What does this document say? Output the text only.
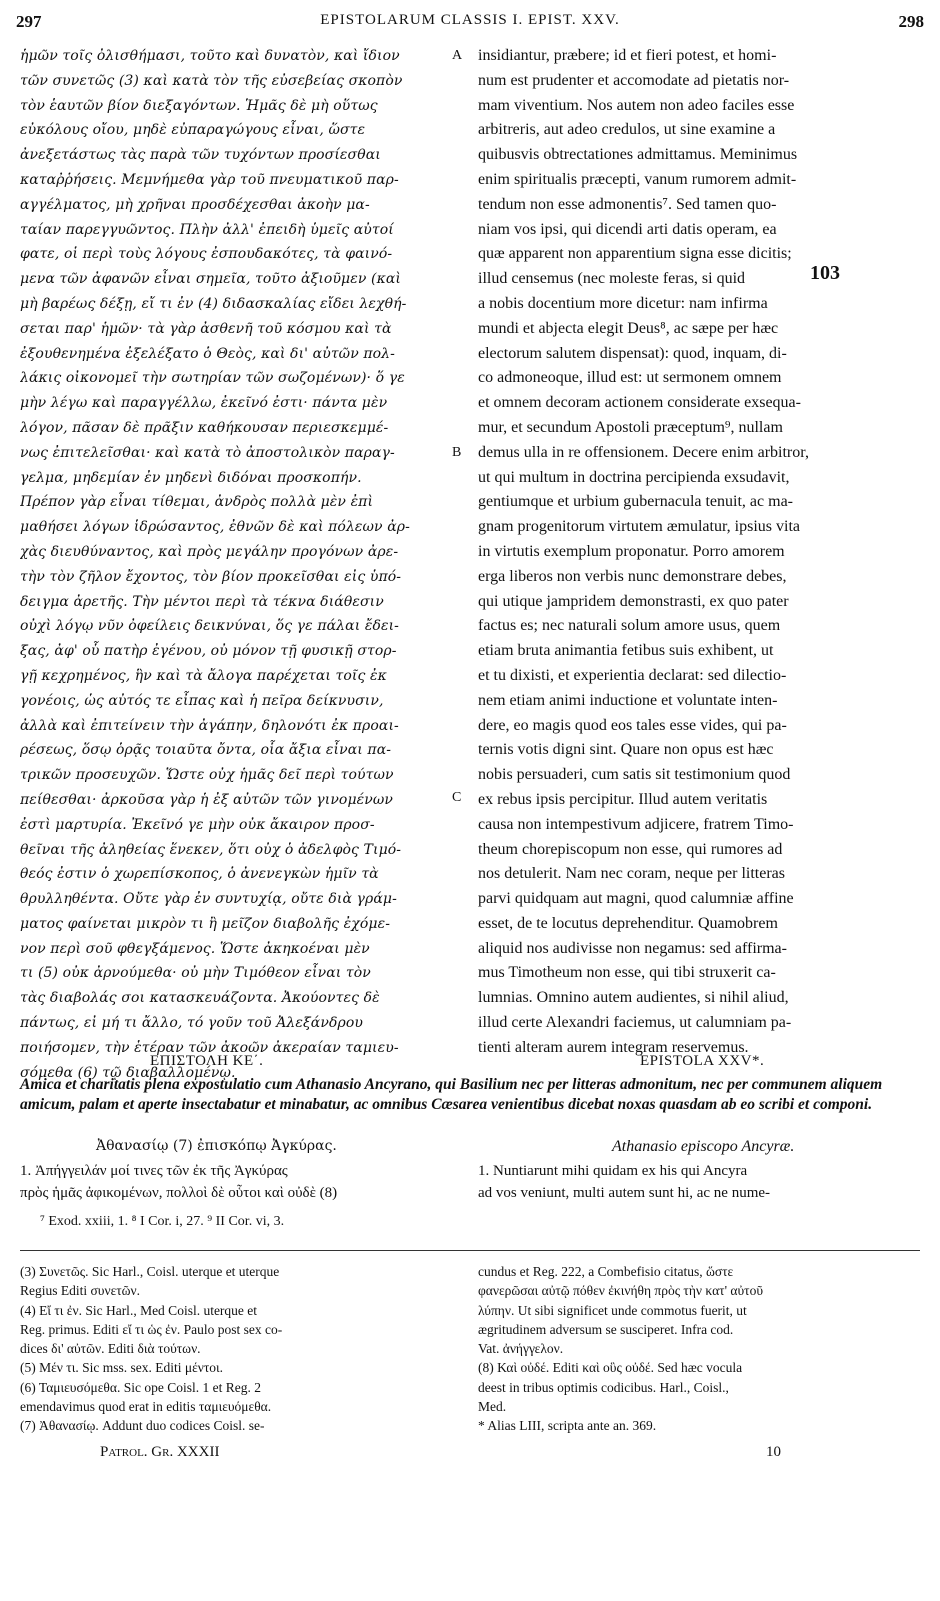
297	EPISTOLARUM CLASSIS I. EPIST. XXV.	298
ἡμῶν τοῖς ὀλισθήμασι, τοῦτο καὶ δυνατὸν, καὶ ἴδιον
τῶν συνετῶς (3) καὶ κατὰ τὸν τῆς εὐσεβείας σκοπὸν
τὸν ἑαυτῶν βίον διεξαγόντων. Ἡμᾶς δὲ μὴ οὕτως
εὐκόλους οἴου, μηδὲ εὐπαραγώγους εἶναι, ὥστε
ἀνεξετάστως τὰς παρὰ τῶν τυχόντων προσίεσθαι
καταῤῥήσεις. Μεμνήμεθα γὰρ τοῦ πνευματικοῦ παρ-
αγγέλματος, μὴ χρῆναι προσδέχεσθαι ἀκοὴν μα-
ταίαν παρεγγυῶντος. Πλὴν ἀλλ' ἐπειδὴ ὑμεῖς αὐτοί
φατε, οἱ περὶ τοὺς λόγους ἐσπουδακότες, τὰ φαινό-
μενα τῶν ἀφανῶν εἶναι σημεῖα, τοῦτο ἀξιοῦμεν (καὶ
μὴ βαρέως δέξῃ, εἴ τι ἐν (4) διδασκαλίας εἴδει λεχθή-
σεται παρ' ἡμῶν· τὰ γὰρ ἀσθενῆ τοῦ κόσμου καὶ τὰ
ἐξουθενημένα ἐξελέξατο ὁ Θεὸς, καὶ δι' αὐτῶν πολ-
λάκις οἰκονομεῖ τὴν σωτηρίαν τῶν σωζομένων)· ὅ γε
μὴν λέγω καὶ παραγγέλλω, ἐκεῖνό ἐστι· πάντα μὲν
λόγον, πᾶσαν δὲ πρᾶξιν καθήκουσαν περιεσκεμμέ-
νως ἐπιτελεῖσθαι· καὶ κατὰ τὸ ἀποστολικὸν παραγ-
γελμα, μηδεμίαν ἐν μηδενὶ διδόναι προσκοπήν.
Πρέπον γὰρ εἶναι τίθεμαι, ἀνδρὸς πολλὰ μὲν ἐπὶ
μαθήσει λόγων ἱδρώσαντος, ἐθνῶν δὲ καὶ πόλεων ἀρ-
χὰς διευθύναντος, καὶ πρὸς μεγάλην προγόνων ἀρε-
τὴν τὸν ζῆλον ἔχοντος, τὸν βίον προκεῖσθαι εἰς ὑπό-
δειγμα ἀρετῆς. Τὴν μέντοι περὶ τὰ τέκνα διάθεσιν
οὐχὶ λόγῳ νῦν ὀφείλεις δεικνύναι, ὅς γε πάλαι ἔδει-
ξας, ἀφ' οὗ πατὴρ ἐγένου, οὐ μόνον τῇ φυσικῇ στορ-
γῇ κεχρημένος, ἣν καὶ τὰ ἄλογα παρέχεται τοῖς ἐκ
γονέοις, ὡς αὐτός τε εἶπας καὶ ἡ πεῖρα δείκνυσιν,
ἀλλὰ καὶ ἐπιτείνειν τὴν ἀγάπην, δηλονότι ἐκ προαι-
ρέσεως, ὅσῳ ὁρᾷς τοιαῦτα ὄντα, οἷα ἄξια εἶναι πα-
τρικῶν προσευχῶν. Ὥστε οὐχ ἡμᾶς δεῖ περὶ τούτων
πείθεσθαι· ἀρκοῦσα γὰρ ἡ ἐξ αὐτῶν τῶν γινομένων
ἐστὶ μαρτυρία. Ἐκεῖνό γε μὴν οὐκ ἄκαιρον προσ-
θεῖναι τῆς ἀληθείας ἕνεκεν, ὅτι οὐχ ὁ ἀδελφὸς Τιμό-
θεός ἐστιν ὁ χωρεπίσκοπος, ὁ ἀνενεγκὼν ἡμῖν τὰ
θρυλληθέντα. Οὔτε γὰρ ἐν συντυχίᾳ, οὔτε διὰ γράμ-
ματος φαίνεται μικρὸν τι ἢ μεῖζον διαβολῆς ἐχόμε-
νον περὶ σοῦ φθεγξάμενος. Ὥστε ἀκηκοέναι μὲν
τι (5) οὐκ ἀρνούμεθα· οὐ μὴν Τιμόθεον εἶναι τὸν
τὰς διαβολάς σοι κατασκευάζοντα. Ἀκούοντες δὲ
πάντως, εἰ μή τι ἄλλο, τό γοῦν τοῦ Ἀλεξάνδρου
ποιήσομεν, τὴν ἑτέραν τῶν ἀκοῶν ἀκεραίαν ταμιευ-
σόμεθα (6) τῷ διαβαλλομένῳ.
insidiantur, præbere; id et fieri potest, et homi-
num est prudenter et accomodate ad pietatis nor-
mam viventium. Nos autem non adeo faciles esse
arbitreris, aut adeo credulos, ut sine examine a
quibusvis obtrectationes admittamus. Meminimus
enim spiritualis præcepti, vanum rumorem admit-
tendum non esse admonentis⁷. Sed tamen quo-
niam vos ipsi, qui dicendi arti datis operam, ea
quæ apparent non apparentium signa esse dicitis;
illud censemus (nec moleste feras, si quid
a nobis docentium more dicetur: nam infirma
mundi et abjecta elegit Deus⁸, ac sæpe per hæc
electorum salutem dispensat): quod, inquam, di-
co admoneoque, illud est: ut sermonem omnem
et omnem decoram actionem considerate exsequa-
mur, et secundum Apostoli præceptum⁹, nullam
demus ulla in re offensionem. Decere enim arbitror,
ut qui multum in doctrina percipienda exsudavit,
gentiumque et urbium gubernacula tenuit, ac ma-
gnam progenitorum virtutem æmulatur, ipsius vita
in virtutis exemplum proponatur. Porro amorem
erga liberos non verbis nunc demonstrare debes,
qui utique jampridem demonstrasti, ex quo pater
factus es; nec naturali solum amore usus, quem
etiam bruta animantia fetibus suis exhibent, ut
et tu dixisti, et experientia declarat: sed dilectio-
nem etiam animi inductione et voluntate inten-
dere, eo magis quod eos tales esse vides, qui pa-
ternis votis digni sint. Quare non opus est hæc
nobis persuaderi, cum satis sit testimonium quod
ex rebus ipsis percipitur. Illud autem veritatis
causa non intempestivum adjicere, fratrem Timo-
theum chorepiscopum non esse, qui rumores ad
nos detulerit. Nam nec coram, neque per litteras
parvi quidquam aut magni, quod calumniæ affine
esset, de te locutus deprehenditur. Quamobrem
aliquid nos audivisse non negamus: sed affirma-
mus Timotheum non esse, qui tibi struxerit ca-
lumnias. Omnino autem audientes, si nihil aliud,
illud certe Alexandri faciemus, ut calumniam pa-
tienti alteram aurem integram reservemus.
A
B
C
103
ΕΠΙΣΤΟΛΗ ΚΕ΄.	EPISTOLA XXV*.
Amica et charitatis plena expostulatio cum Athanasio Ancyrano, qui Basilium nec per litteras admonitum, nec per communem aliquem amicum, palam et aperte insectabatur et minabatur, ac omnibus Cæsarea venientibus dicebat noxas quasdam ab eo scribi et componi.
Ἀθανασίῳ (7) ἐπισκόπῳ Ἀγκύρας.	Athanasio episcopo Ancyræ.
1. Ἀπήγγειλάν μοί τινες τῶν ἐκ τῆς Ἀγκύρας
πρὸς ἡμᾶς ἀφικομένων, πολλοὶ δὲ οὗτοι καὶ οὐδὲ (8)
1. Nuntiarunt mihi quidam ex his qui Ancyra
ad vos veniunt, multi autem sunt hi, ac ne nume-
⁷ Exod. xxiii, 1. ⁸ I Cor. i, 27. ⁹ II Cor. vi, 3.
(3) Συνετῶς. Sic Harl., Coisl. uterque et uterque
Regius Editi συνετῶν.
(4) Εἴ τι ἐν. Sic Harl., Med Coisl. uterque et
Reg. primus. Editi εἴ τι ὡς ἐν. Paulo post sex co-
dices δι' αὐτῶν. Editi διὰ τούτων.
(5) Μέν τι. Sic mss. sex. Editi μέντοι.
(6) Ταμιευσόμεθα. Sic ope Coisl. 1 et Reg. 2
emendavimus quod erat in editis ταμιευόμεθα.
(7) Ἀθανασίῳ. Addunt duo codices Coisl. se-
cundus et Reg. 222, a Combefisio citatus, ὥστε
φανερῶσαι αὐτῷ πόθεν ἐκινήθη πρὸς τὴν κατ' αὐτοῦ
λύπην. Ut sibi significet unde commotus fuerit, ut
ægritudinem adversum se susciperet. Infra cod.
Vat. ἀνήγγελον.
(8) Καὶ οὐδέ. Editi καὶ οὓς οὐδέ. Sed hæc vocula
deest in tribus optimis codicibus. Harl., Coisl.,
Med.
* Alias LIII, scripta ante an. 369.
Patrol. Gr. XXXII	10
